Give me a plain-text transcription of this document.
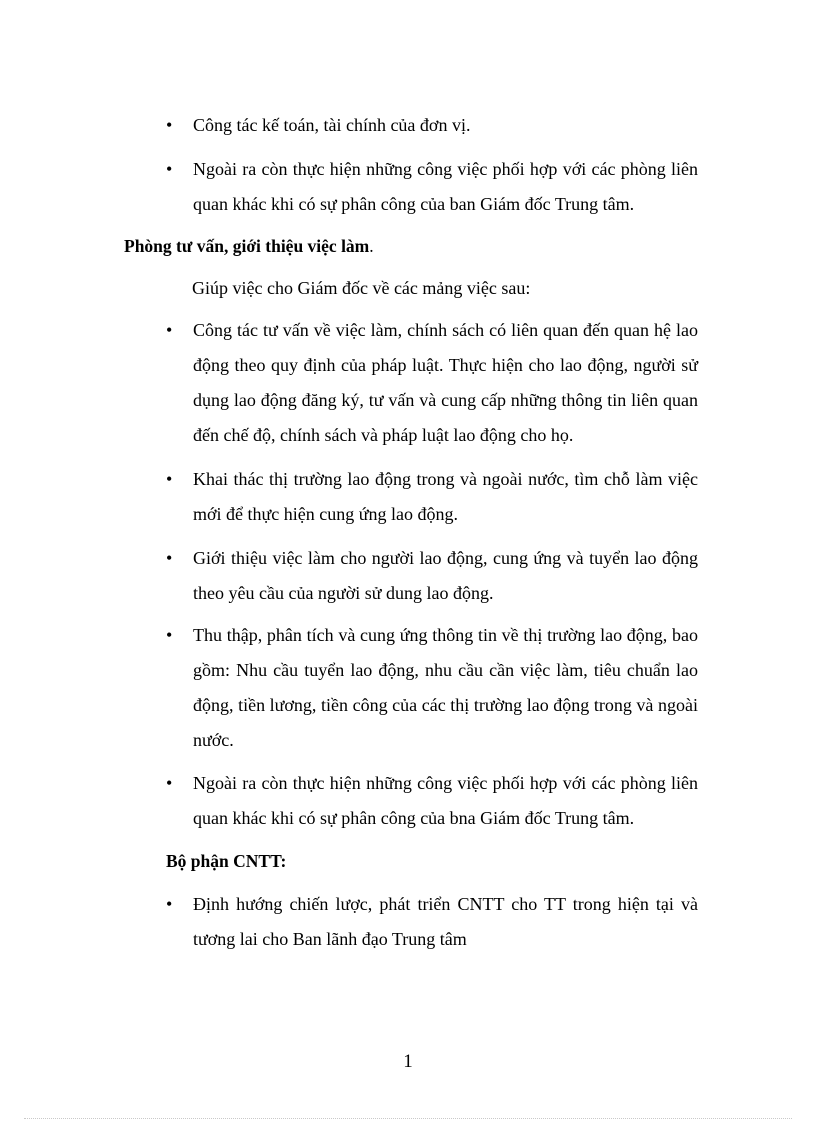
•	Công tác kế toán, tài chính của đơn vị.
•	Ngoài ra còn thực hiện những công việc phối hợp với các phòng liên quan khác khi có sự phân công của ban Giám đốc Trung tâm.
Phòng tư vấn, giới thiệu việc làm.
Giúp việc cho Giám đốc về các mảng việc sau:
•	Công tác tư vấn về việc làm, chính sách có liên quan đến quan hệ lao động theo quy định của pháp luật. Thực hiện cho lao động, người sử dụng lao động đăng ký, tư vấn và cung cấp những thông tin liên quan đến chế độ, chính sách và pháp luật lao động cho họ.
•	Khai thác thị trường lao động trong và ngoài nước, tìm chỗ làm việc mới để thực hiện cung ứng lao động.
•	Giới thiệu việc làm cho người lao động, cung ứng và tuyển lao động theo yêu cầu của người sử dung lao động.
•	Thu thập, phân tích và cung ứng thông tin về thị trường lao động, bao gồm: Nhu cầu tuyển lao động, nhu cầu cần việc làm, tiêu chuẩn lao động, tiền lương, tiền công của các thị trường lao động trong và ngoài nước.
•	Ngoài ra còn thực hiện những công việc phối hợp với các phòng liên quan khác khi có sự phân công của bna Giám đốc Trung tâm.
Bộ phận CNTT:
•	Định hướng chiến lược, phát triển CNTT cho TT trong hiện tại và tương lai cho Ban lãnh đạo Trung tâm
1
